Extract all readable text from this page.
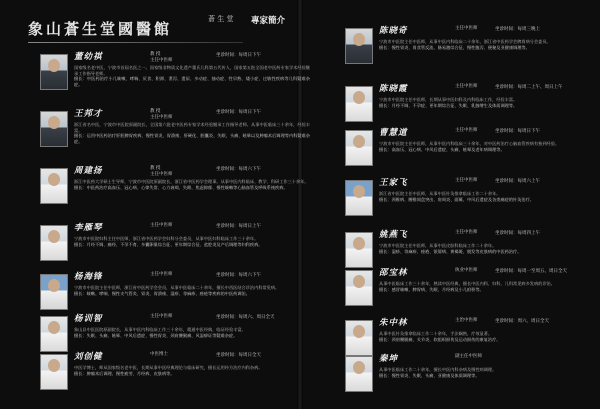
象山蒼生堂國醫館
蒼 生 堂 專家簡介
董幼祺	教 授
主任中医师
坐诊时间：每周日下午

国家级名老中医，宁波市首届名医之一。国家级非物质文化遗产董氏儿科第五代传人，国家第五批全国老中医药专家学术经验继承工作指导老师。

擅长：中医药治疗小儿咳嗽、哮喘、厌食、积滞、泄泻、遗尿、多动症、抽动症、性早熟、矮小症、过敏性疾病等儿科疑难杂症。

王邦才	教 授
主任中医师
坐诊时间：每周日下午

浙江省名中医，宁波市中医院原副院长，全国第六批老中医药专家学术经验继承工作指导老师。从事中医临床三十余年，经验丰富。

擅长：运用中医药治疗肝胆脾胃疾病、慢性胃炎、胃溃疡、肝硬化、胆囊炎、失眠、头痛、眩晕以及肿瘤术后调理等内科疑难杂症。

周建扬	教 授
主任中医师
坐诊时间：每周六下午

浙江中医药大学硕士生导师，宁波市中医院原副院长，浙江省中医药学会理事。从事中医内科临床、教学、科研工作三十余年。

擅长：中医药治疗高血压、冠心病、心律失常、心力衰竭、失眠、焦虑抑郁、慢性咳嗽等心脑血管及呼吸系统疾病。

李雁琴	主任中医师	坐诊时间：每周日上午

宁波市中医院妇科主任中医师，浙江省中医药学会妇科分会委员，从事中医妇科临床工作三十余年。

擅长：月经不调、痛经、不孕不育、多囊卵巢综合征、更年期综合征、盆腔炎及产后调理等妇科疾病。

杨海锋	主任中医师	坐诊时间：每周六下午

宁波市中医院主任中医师，浙江省中医药学会会员，从事中医临床二十余年，擅长中西医结合诊治内科常见病。

擅长：咳嗽、哮喘、慢性支气管炎、胃炎、胃溃疡、湿疹、荨麻疹、痤疮等疾病的中医药调治。

杨训智	主任中医师	坐诊时间：每周六、周日全天

象山县中医医院原副院长，从事中医内科临床工作三十余年，精通中医经典，临证经验丰富。

擅长：失眠、头痛、眩晕、中风后遗症、慢性胃炎、颈肩腰腿痛、风湿痹证等疑难杂症。

刘创健	中医博士	坐诊时间：每周日全天

中医学博士，师从国家级名老中医，长期从事中医经典理论与临床研究，擅长运用经方治疗内科杂病。

擅长：肿瘤术后调理、慢性疲劳、月经病、皮肤病等。

陈晓奇	主任中医师	坐诊时间：每周三晚上

宁波市中医院主任中医师，从事中医内科临床二十余年，浙江省中医药学会脾胃病分会委员。

擅长：慢性胃炎、胃食管反流、肠易激综合征、慢性腹泻、便秘及亚健康调理等。

陈晓霞	主任中医师	坐诊时间：每周二上午、周日上午

宁波市中医院主任中医师，长期从事中医妇科及内科临床工作，经验丰富。

擅长：月经不调、不孕症、更年期综合征、失眠、乳腺增生及体质调理等。

曹慧道	主任中医师	坐诊时间：每周日下午

宁波市中医院主任中医师，从事中医内科临床三十余年，对中医药治疗心脑血管疾病有独到经验。

擅长：高血压、冠心病、中风后遗症、头痛、眩晕及老年病调理等。

王家飞	主任中医师	坐诊时间：每周六上午

浙江省中医院主任中医师，从事中医针灸推拿临床工作二十余年。

擅长：颈椎病、腰椎间盘突出、肩周炎、面瘫、中风后遗症及各类痛症的针灸治疗。

姚燕飞	主任中医师	坐诊时间：每周四上午

宁波市中医院主任中医师，从事中医皮肤科临床工作二十余年。

擅长：湿疹、荨麻疹、痤疮、银屑病、黄褐斑、脱发等皮肤病的中医药治疗。

邵宝林	执业中医师	坐诊时间：每周一至周五、周日全天

从事中医临床工作三十余年，熟读中医经典，擅长中医内科、妇科、儿科常见病多发病的诊治。

擅长：感冒咳嗽、脾胃病、失眠、月经病及小儿疳积等。

朱中林	主治中医师	坐诊时间：周六、周日全天

从事中医针灸推拿临床工作二十余年，手法娴熟，疗效显著。

擅长：颈肩腰腿痛、关节炎、软组织损伤及运动损伤的康复治疗。

秦坤	副主任中医师

从事中医临床工作二十余年，擅长中医内科杂病及慢性病调理。

擅长：慢性胃炎、失眠、头痛、亚健康及体质调理等。
